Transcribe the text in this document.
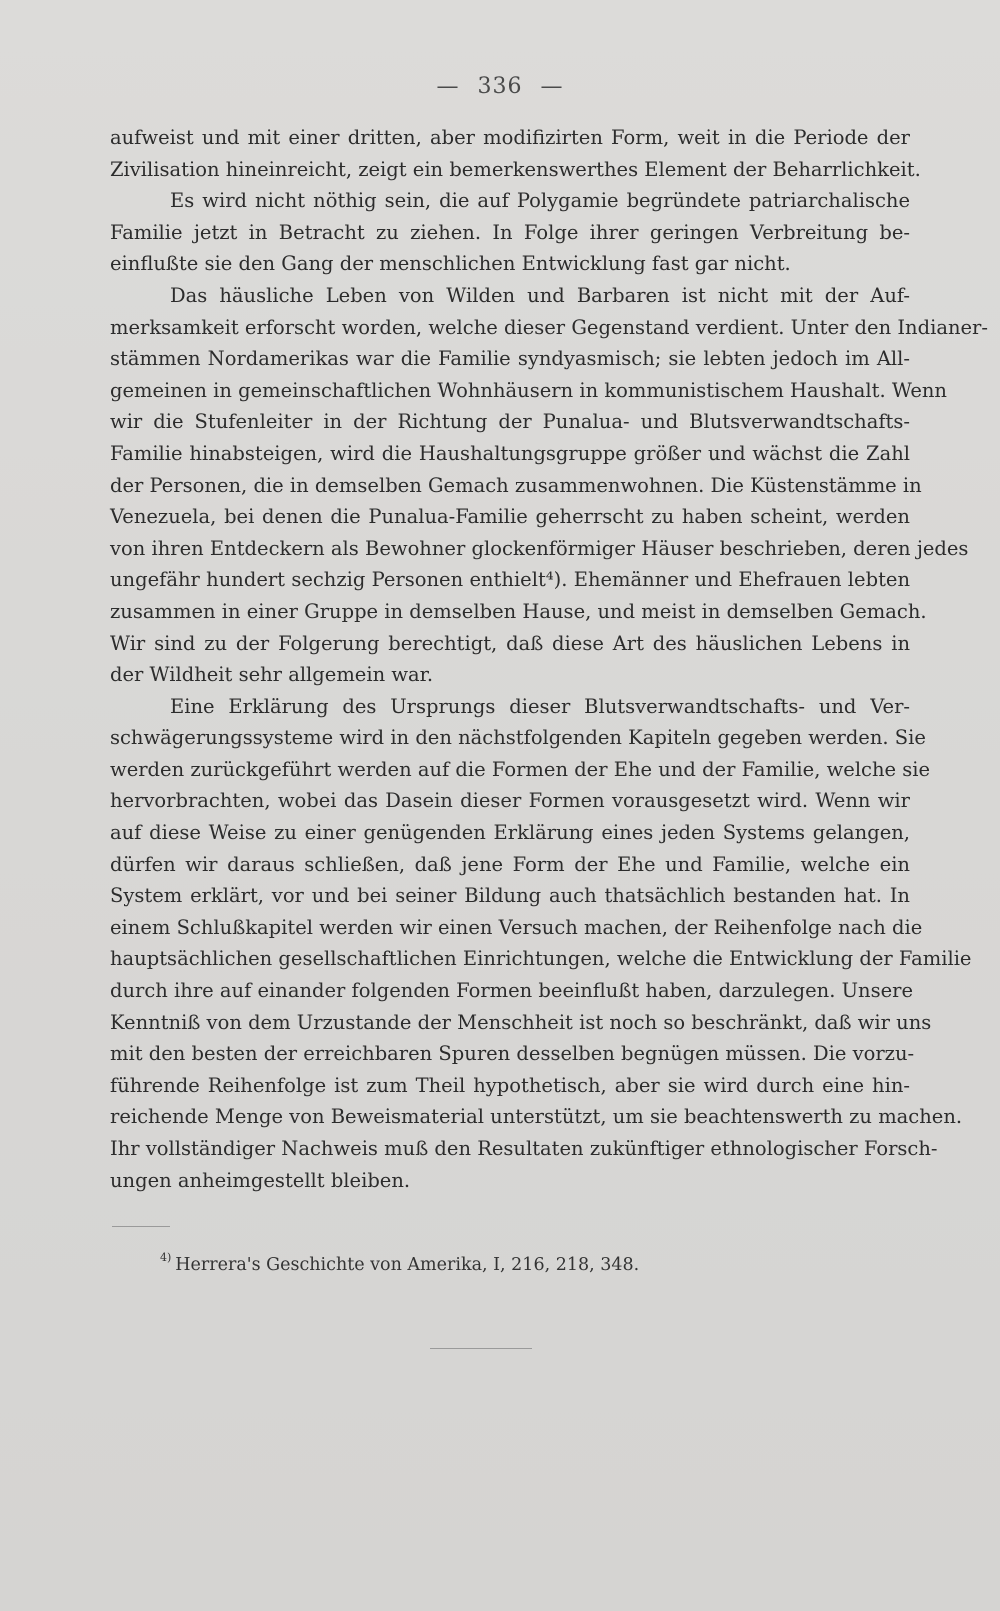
— 336 —
aufweist und mit einer dritten, aber modifizirten Form, weit in die Periode der
Zivilisation hineinreicht, zeigt ein bemerkenswerthes Element der Beharrlichkeit.
Es wird nicht nöthig sein, die auf Polygamie begründete patriarchalische
Familie jetzt in Betracht zu ziehen. In Folge ihrer geringen Verbreitung be-
einflußte sie den Gang der menschlichen Entwicklung fast gar nicht.
Das häusliche Leben von Wilden und Barbaren ist nicht mit der Auf-
merksamkeit erforscht worden, welche dieser Gegenstand verdient. Unter den Indianer-
stämmen Nordamerikas war die Familie syndyasmisch; sie lebten jedoch im All-
gemeinen in gemeinschaftlichen Wohnhäusern in kommunistischem Haushalt. Wenn
wir die Stufenleiter in der Richtung der Punalua- und Blutsverwandtschafts-
Familie hinabsteigen, wird die Haushaltungsgruppe größer und wächst die Zahl
der Personen, die in demselben Gemach zusammenwohnen. Die Küstenstämme in
Venezuela, bei denen die Punalua-Familie geherrscht zu haben scheint, werden
von ihren Entdeckern als Bewohner glockenförmiger Häuser beschrieben, deren jedes
ungefähr hundert sechzig Personen enthielt⁴). Ehemänner und Ehefrauen lebten
zusammen in einer Gruppe in demselben Hause, und meist in demselben Gemach.
Wir sind zu der Folgerung berechtigt, daß diese Art des häuslichen Lebens in
der Wildheit sehr allgemein war.
Eine Erklärung des Ursprungs dieser Blutsverwandtschafts- und Ver-
schwägerungssysteme wird in den nächstfolgenden Kapiteln gegeben werden. Sie
werden zurückgeführt werden auf die Formen der Ehe und der Familie, welche sie
hervorbrachten, wobei das Dasein dieser Formen vorausgesetzt wird. Wenn wir
auf diese Weise zu einer genügenden Erklärung eines jeden Systems gelangen,
dürfen wir daraus schließen, daß jene Form der Ehe und Familie, welche ein
System erklärt, vor und bei seiner Bildung auch thatsächlich bestanden hat. In
einem Schlußkapitel werden wir einen Versuch machen, der Reihenfolge nach die
hauptsächlichen gesellschaftlichen Einrichtungen, welche die Entwicklung der Familie
durch ihre auf einander folgenden Formen beeinflußt haben, darzulegen. Unsere
Kenntniß von dem Urzustande der Menschheit ist noch so beschränkt, daß wir uns
mit den besten der erreichbaren Spuren desselben begnügen müssen. Die vorzu-
führende Reihenfolge ist zum Theil hypothetisch, aber sie wird durch eine hin-
reichende Menge von Beweismaterial unterstützt, um sie beachtenswerth zu machen.
Ihr vollständiger Nachweis muß den Resultaten zukünftiger ethnologischer Forsch-
ungen anheimgestellt bleiben.
$^{4)}$ Herrera's Geschichte von Amerika, I, 216, 218, 348.
